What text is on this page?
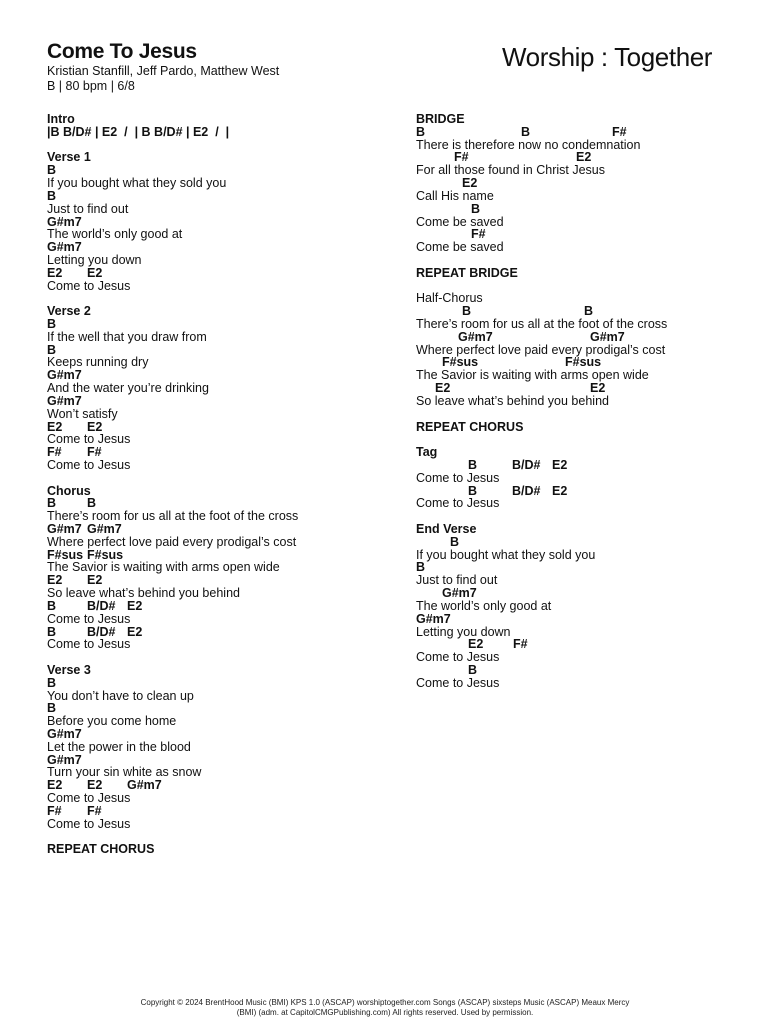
Come To Jesus
Kristian Stanfill, Jeff Pardo, Matthew West
B | 80 bpm | 6/8
Worship : Together
Intro
|B B/D# | E2  /  | B B/D# | E2  /  |
Verse 1
B
If you bought what they sold you
B
Just to find out
G#m7
The world’s only good at
G#m7
Letting you down
E2 E2
Come to Jesus
Verse 2
B
If the well that you draw from
B
Keeps running dry
G#m7
And the water you’re drinking
G#m7
Won’t satisfy
E2 E2
Come to Jesus
F# F#
Come to Jesus
Chorus
B B
There’s room for us all at the foot of the cross
G#m7 G#m7
Where perfect love paid every prodigal’s cost
F#sus F#sus
The Savior is waiting with arms open wide
E2 E2
So leave what’s behind you behind
B B/D# E2
Come to Jesus
B B/D# E2
Come to Jesus
Verse 3
B
You don’t have to clean up
B
Before you come home
G#m7
Let the power in the blood
G#m7
Turn your sin white as snow
E2 E2 G#m7
Come to Jesus
F# F#
Come to Jesus
REPEAT CHORUS
BRIDGE
B	B	F#
There is therefore now no condemnation
F#	E2
For all those found in Christ Jesus
E2
Call His name
B
Come be saved
F#
Come be saved
REPEAT BRIDGE
Half-Chorus
B	B
There’s room for us all at the foot of the cross
G#m7	G#m7
Where perfect love paid every prodigal’s cost
F#sus	F#sus
The Savior is waiting with arms open wide
E2	E2
So leave what’s behind you behind
REPEAT CHORUS
Tag
B	B/D# E2
Come to Jesus
B	B/D# E2
Come to Jesus
End Verse
B
If you bought what they sold you
B
Just to find out
G#m7
The world’s only good at
G#m7
Letting you down
E2 F#
Come to Jesus
B
Come to Jesus
Copyright © 2024 BrentHood Music (BMI) KPS 1.0 (ASCAP) worshiptogether.com Songs (ASCAP) sixsteps Music (ASCAP) Meaux Mercy (BMI) (adm. at CapitolCMGPublishing.com) All rights reserved. Used by permission.
